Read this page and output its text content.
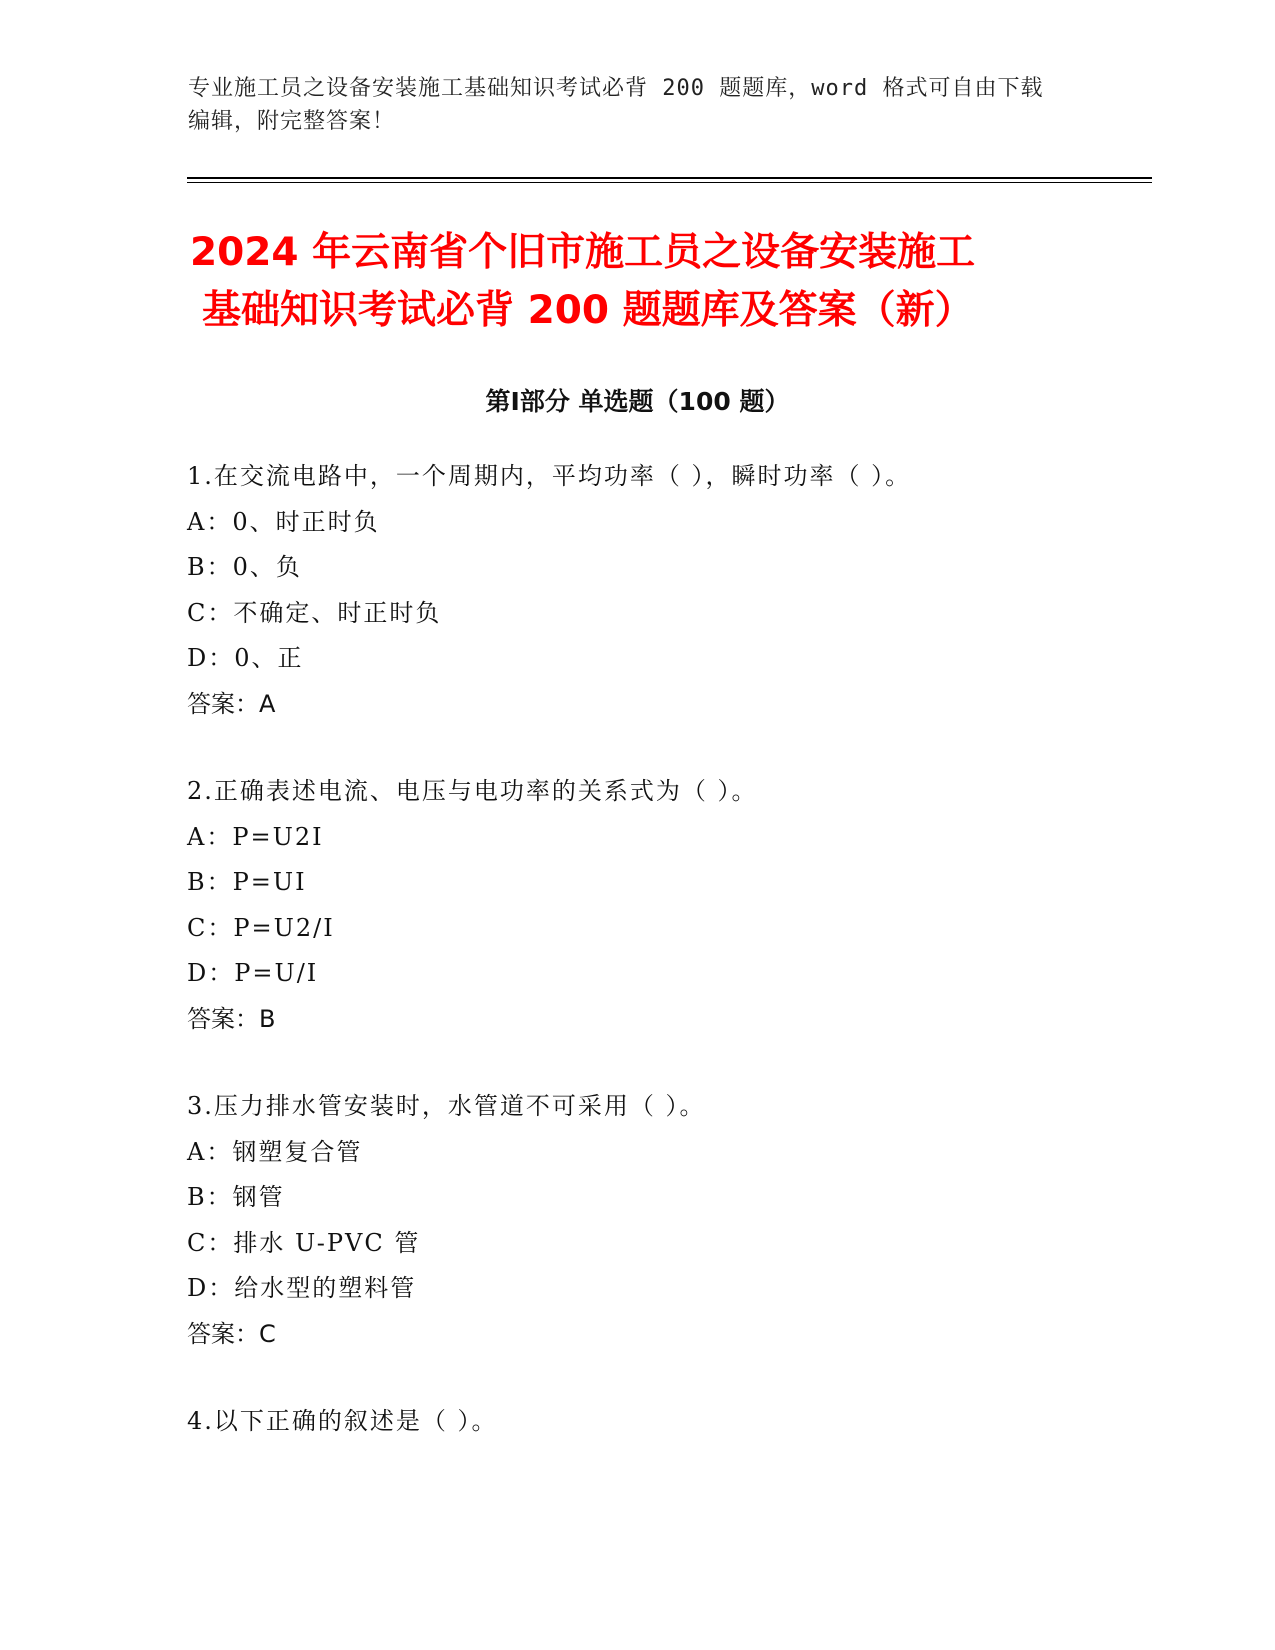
专业施工员之设备安装施工基础知识考试必背 200 题题库，word 格式可自由下载
编辑，附完整答案！
2024 年云南省个旧市施工员之设备安装施工
基础知识考试必背 200 题题库及答案（新）
第Ⅰ部分 单选题（100 题）
1.在交流电路中，一个周期内，平均功率（ ），瞬时功率（ ）。
A：0、时正时负
B：0、负
C：不确定、时正时负
D：0、正
答案：A
2.正确表述电流、电压与电功率的关系式为（ ）。
A：P=U2I
B：P=UI
C：P=U2/I
D：P=U/I
答案：B
3.压力排水管安装时，水管道不可采用（ ）。
A：钢塑复合管
B：钢管
C：排水 U-PVC 管
D：给水型的塑料管
答案：C
4.以下正确的叙述是（ ）。
